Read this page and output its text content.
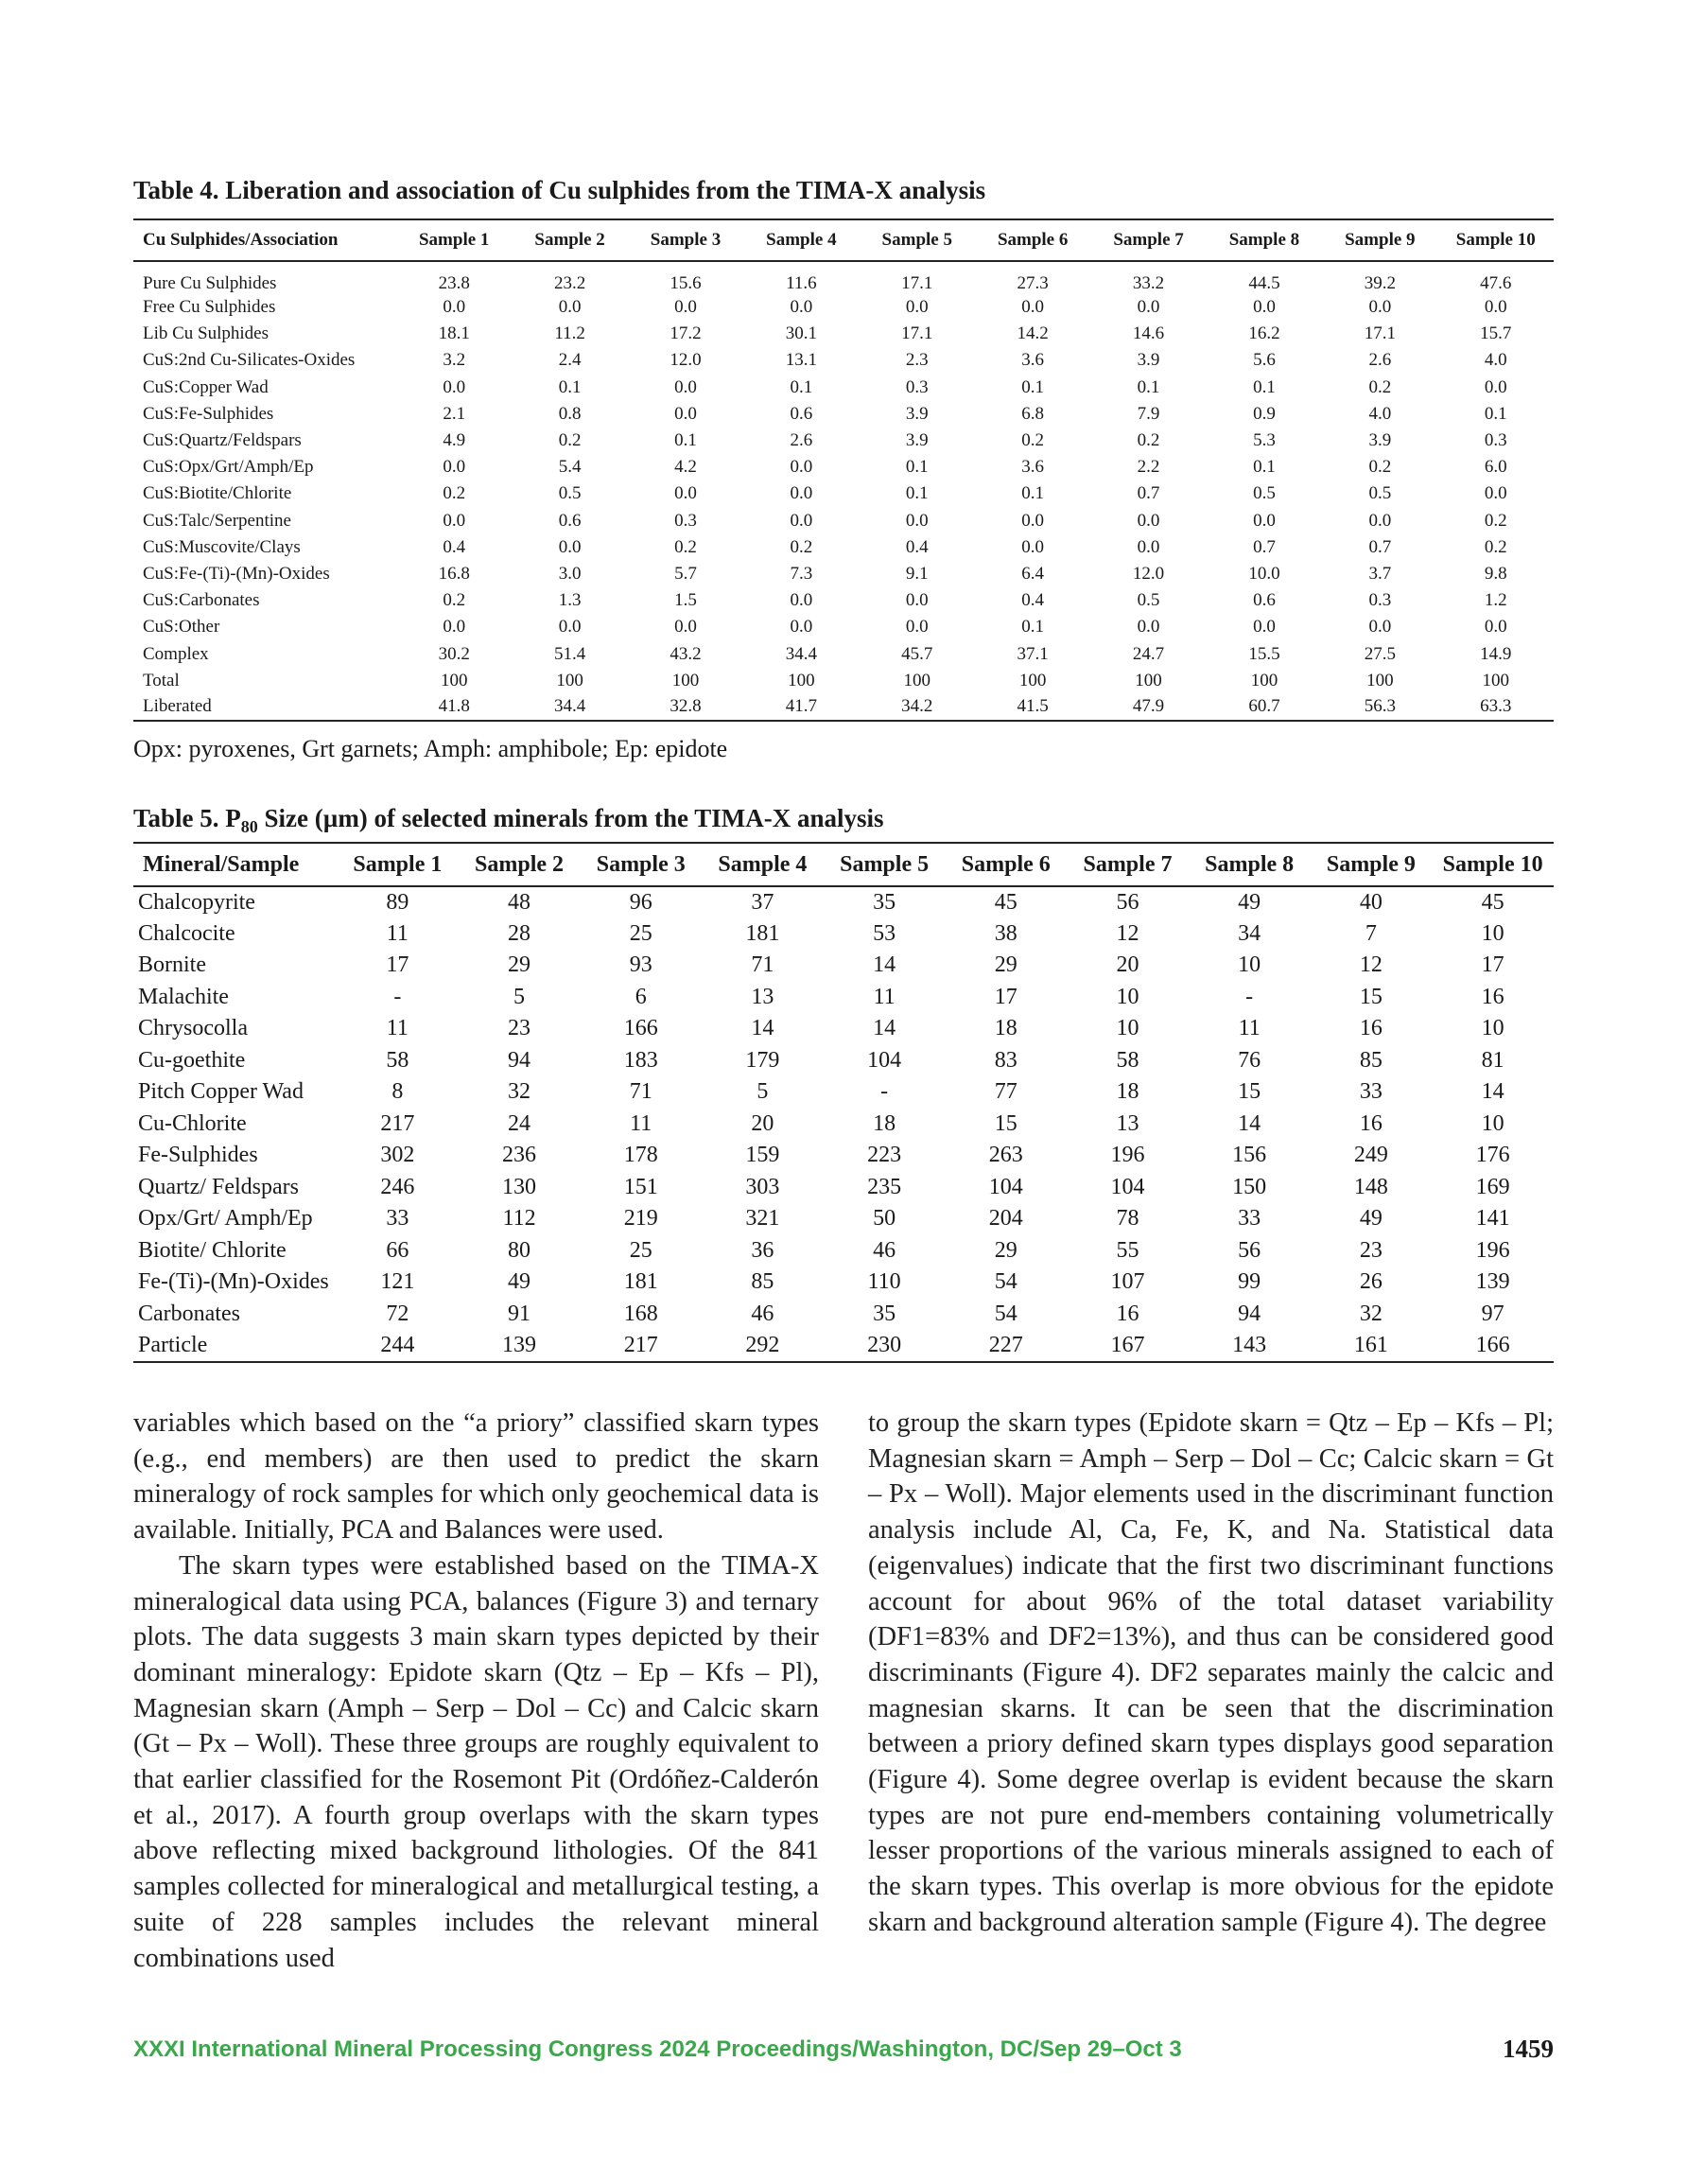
Table 4. Liberation and association of Cu sulphides from the TIMA-X analysis
Cu Sulphides/Association	Sample 1	Sample 2	Sample 3	Sample 4	Sample 5	Sample 6	Sample 7	Sample 8	Sample 9	Sample 10
Pure Cu Sulphides	23.8	23.2	15.6	11.6	17.1	27.3	33.2	44.5	39.2	47.6
Free Cu Sulphides	0.0	0.0	0.0	0.0	0.0	0.0	0.0	0.0	0.0	0.0
Lib Cu Sulphides	18.1	11.2	17.2	30.1	17.1	14.2	14.6	16.2	17.1	15.7
CuS:2nd Cu-Silicates-Oxides	3.2	2.4	12.0	13.1	2.3	3.6	3.9	5.6	2.6	4.0
CuS:Copper Wad	0.0	0.1	0.0	0.1	0.3	0.1	0.1	0.1	0.2	0.0
CuS:Fe-Sulphides	2.1	0.8	0.0	0.6	3.9	6.8	7.9	0.9	4.0	0.1
CuS:Quartz/Feldspars	4.9	0.2	0.1	2.6	3.9	0.2	0.2	5.3	3.9	0.3
CuS:Opx/Grt/Amph/Ep	0.0	5.4	4.2	0.0	0.1	3.6	2.2	0.1	0.2	6.0
CuS:Biotite/Chlorite	0.2	0.5	0.0	0.0	0.1	0.1	0.7	0.5	0.5	0.0
CuS:Talc/Serpentine	0.0	0.6	0.3	0.0	0.0	0.0	0.0	0.0	0.0	0.2
CuS:Muscovite/Clays	0.4	0.0	0.2	0.2	0.4	0.0	0.0	0.7	0.7	0.2
CuS:Fe-(Ti)-(Mn)-Oxides	16.8	3.0	5.7	7.3	9.1	6.4	12.0	10.0	3.7	9.8
CuS:Carbonates	0.2	1.3	1.5	0.0	0.0	0.4	0.5	0.6	0.3	1.2
CuS:Other	0.0	0.0	0.0	0.0	0.0	0.1	0.0	0.0	0.0	0.0
Complex	30.2	51.4	43.2	34.4	45.7	37.1	24.7	15.5	27.5	14.9
Total	100	100	100	100	100	100	100	100	100	100
Liberated	41.8	34.4	32.8	41.7	34.2	41.5	47.9	60.7	56.3	63.3
Opx: pyroxenes, Grt garnets; Amph: amphibole; Ep: epidote
Table 5. $P_{80}$ Size (µm) of selected minerals from the TIMA-X analysis
Mineral/Sample	Sample 1	Sample 2	Sample 3	Sample 4	Sample 5	Sample 6	Sample 7	Sample 8	Sample 9	Sample 10
Chalcopyrite	89	48	96	37	35	45	56	49	40	45
Chalcocite	11	28	25	181	53	38	12	34	7	10
Bornite	17	29	93	71	14	29	20	10	12	17
Malachite	-	5	6	13	11	17	10	-	15	16
Chrysocolla	11	23	166	14	14	18	10	11	16	10
Cu-goethite	58	94	183	179	104	83	58	76	85	81
Pitch Copper Wad	8	32	71	5	-	77	18	15	33	14
Cu-Chlorite	217	24	11	20	18	15	13	14	16	10
Fe-Sulphides	302	236	178	159	223	263	196	156	249	176
Quartz/ Feldspars	246	130	151	303	235	104	104	150	148	169
Opx/Grt/ Amph/Ep	33	112	219	321	50	204	78	33	49	141
Biotite/ Chlorite	66	80	25	36	46	29	55	56	23	196
Fe-(Ti)-(Mn)-Oxides	121	49	181	85	110	54	107	99	26	139
Carbonates	72	91	168	46	35	54	16	94	32	97
Particle	244	139	217	292	230	227	167	143	161	166

variables which based on the “a priory” classified skarn types (e.g., end members) are then used to predict the skarn mineralogy of rock samples for which only geochemical data is available. Initially, PCA and Balances were used.

The skarn types were established based on the TIMA-X mineralogical data using PCA, balances (Figure 3) and ternary plots. The data suggests 3 main skarn types depicted by their dominant mineralogy: Epidote skarn (Qtz – Ep – Kfs – Pl), Magnesian skarn (Amph – Serp – Dol – Cc) and Calcic skarn (Gt – Px – Woll). These three groups are roughly equivalent to that earlier classified for the Rosemont Pit (Ordóñez-Calderón et al., 2017). A fourth group overlaps with the skarn types above reflecting mixed background lithologies. Of the 841 samples collected for mineralogical and metallurgical testing, a suite of 228 samples includes the relevant mineral combinations used

to group the skarn types (Epidote skarn = Qtz – Ep – Kfs – Pl; Magnesian skarn = Amph – Serp – Dol – Cc; Calcic skarn = Gt – Px – Woll). Major elements used in the discriminant function analysis include Al, Ca, Fe, K, and Na. Statistical data (eigenvalues) indicate that the first two discriminant functions account for about 96% of the total dataset variability (DF1=83% and DF2=13%), and thus can be considered good discriminants (Figure 4). DF2 separates mainly the calcic and magnesian skarns. It can be seen that the discrimination between a priory defined skarn types displays good separation (Figure 4). Some degree overlap is evident because the skarn types are not pure end-members containing volumetrically lesser proportions of the various minerals assigned to each of the skarn types. This overlap is more obvious for the epidote skarn and background alteration sample (Figure 4). The degree

XXXI International Mineral Processing Congress 2024 Proceedings/Washington, DC/Sep 29–Oct 3	1459
